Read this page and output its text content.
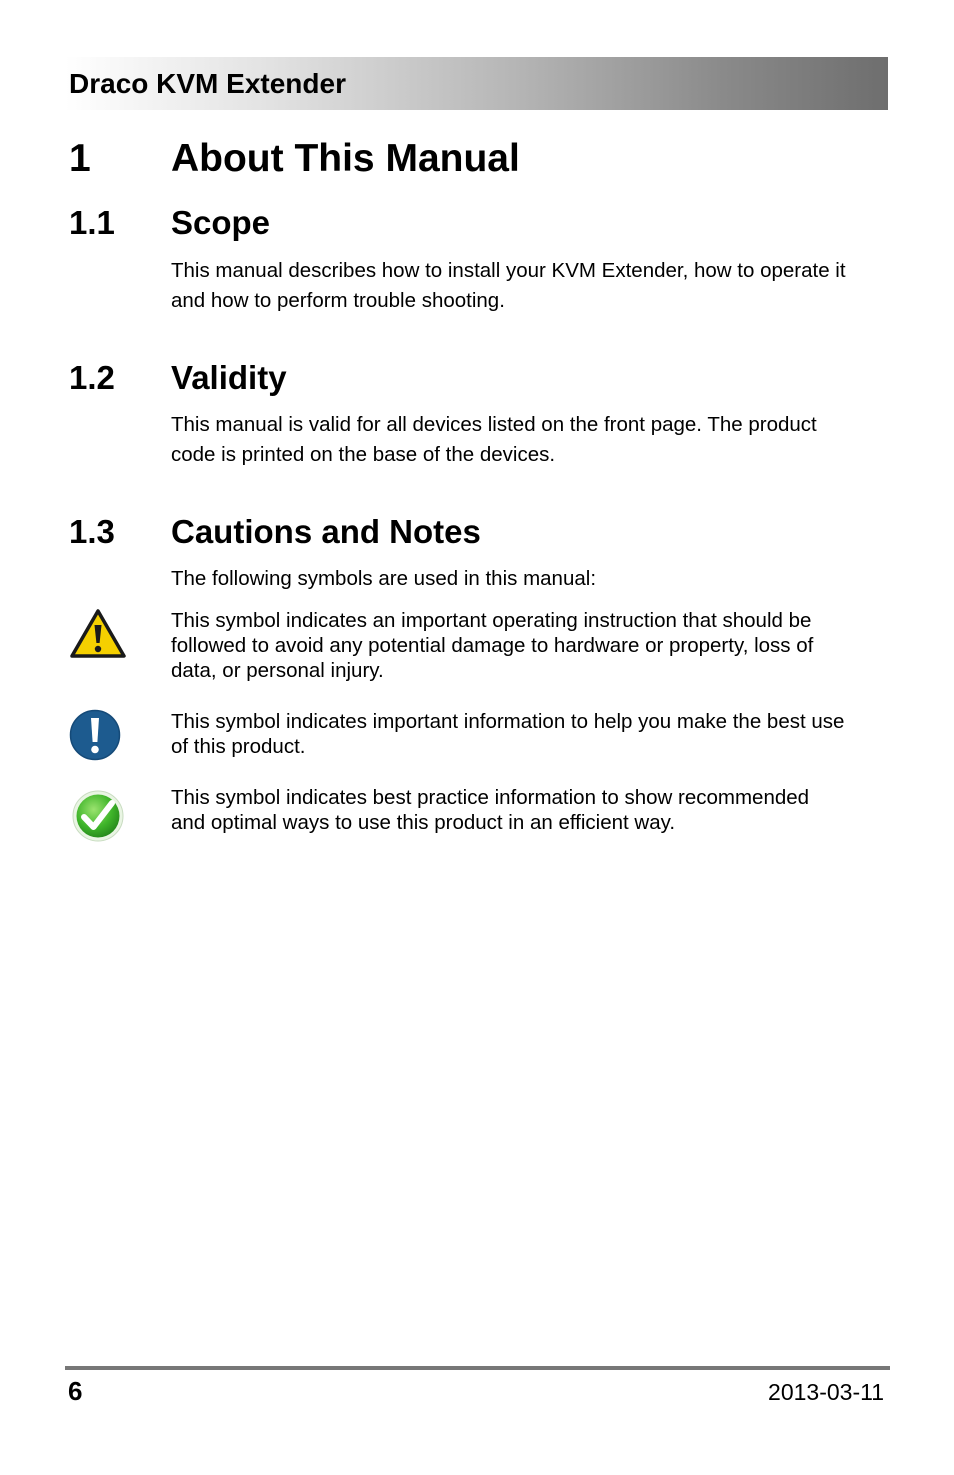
Draco KVM Extender
1 About This Manual
1.1 Scope

This manual describes how to install your KVM Extender, how to operate it
and how to perform trouble shooting.

1.2 Validity

This manual is valid for all devices listed on the front page. The product
code is printed on the base of the devices.

1.3 Cautions and Notes

The following symbols are used in this manual:

This symbol indicates an important operating instruction that should be
followed to avoid any potential damage to hardware or property, loss of
data, or personal injury.

This symbol indicates important information to help you make the best use
of this product.

This symbol indicates best practice information to show recommended
and optimal ways to use this product in an efficient way.

6	2013-03-11
